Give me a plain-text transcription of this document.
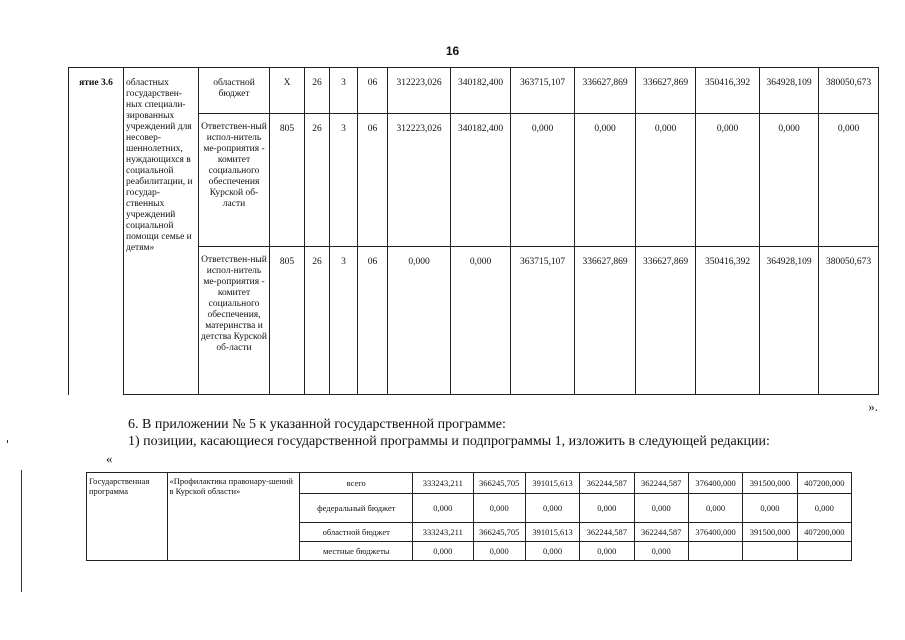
16
ятие 3.6	областных государствен-ных специали-зированных учреждений для несовер-шеннолетних, нуждающихся в социальной реабилитации, и государ-ственных учреждений социальной помощи семье и детям»	областной бюджет	Х	26	3	06	312223,026	340182,400	363715,107	336627,869	336627,869	350416,392	364928,109	380050,673
		Ответствен-ный испол-нитель ме-роприятия - комитет социального обеспечения Курской об-ласти	805	26	3	06	312223,026	340182,400	0,000	0,000	0,000	0,000	0,000	0,000
		Ответствен-ный испол-нитель ме-роприятия - комитет социального обеспечения, материнства и детства Курской об-ласти	805	26	3	06	0,000	0,000	363715,107	336627,869	336627,869	350416,392	364928,109	380050,673
».
6. В приложении № 5 к указанной государственной программе:
1) позиции, касающиеся государственной программы и подпрограммы 1, изложить в следующей редакции:
«
Государственная программа	«Профилактика правонару-шений в Курской области»	всего	333243,211	366245,705	391015,613	362244,587	362244,587	376400,000	391500,000	407200,000
		федеральный бюджет	0,000	0,000	0,000	0,000	0,000	0,000	0,000	0,000
		областной бюджет	333243,211	366245,705	391015,613	362244,587	362244,587	376400,000	391500,000	407200,000
		местные бюджеты	0,000	0,000	0,000	0,000	0,000			
